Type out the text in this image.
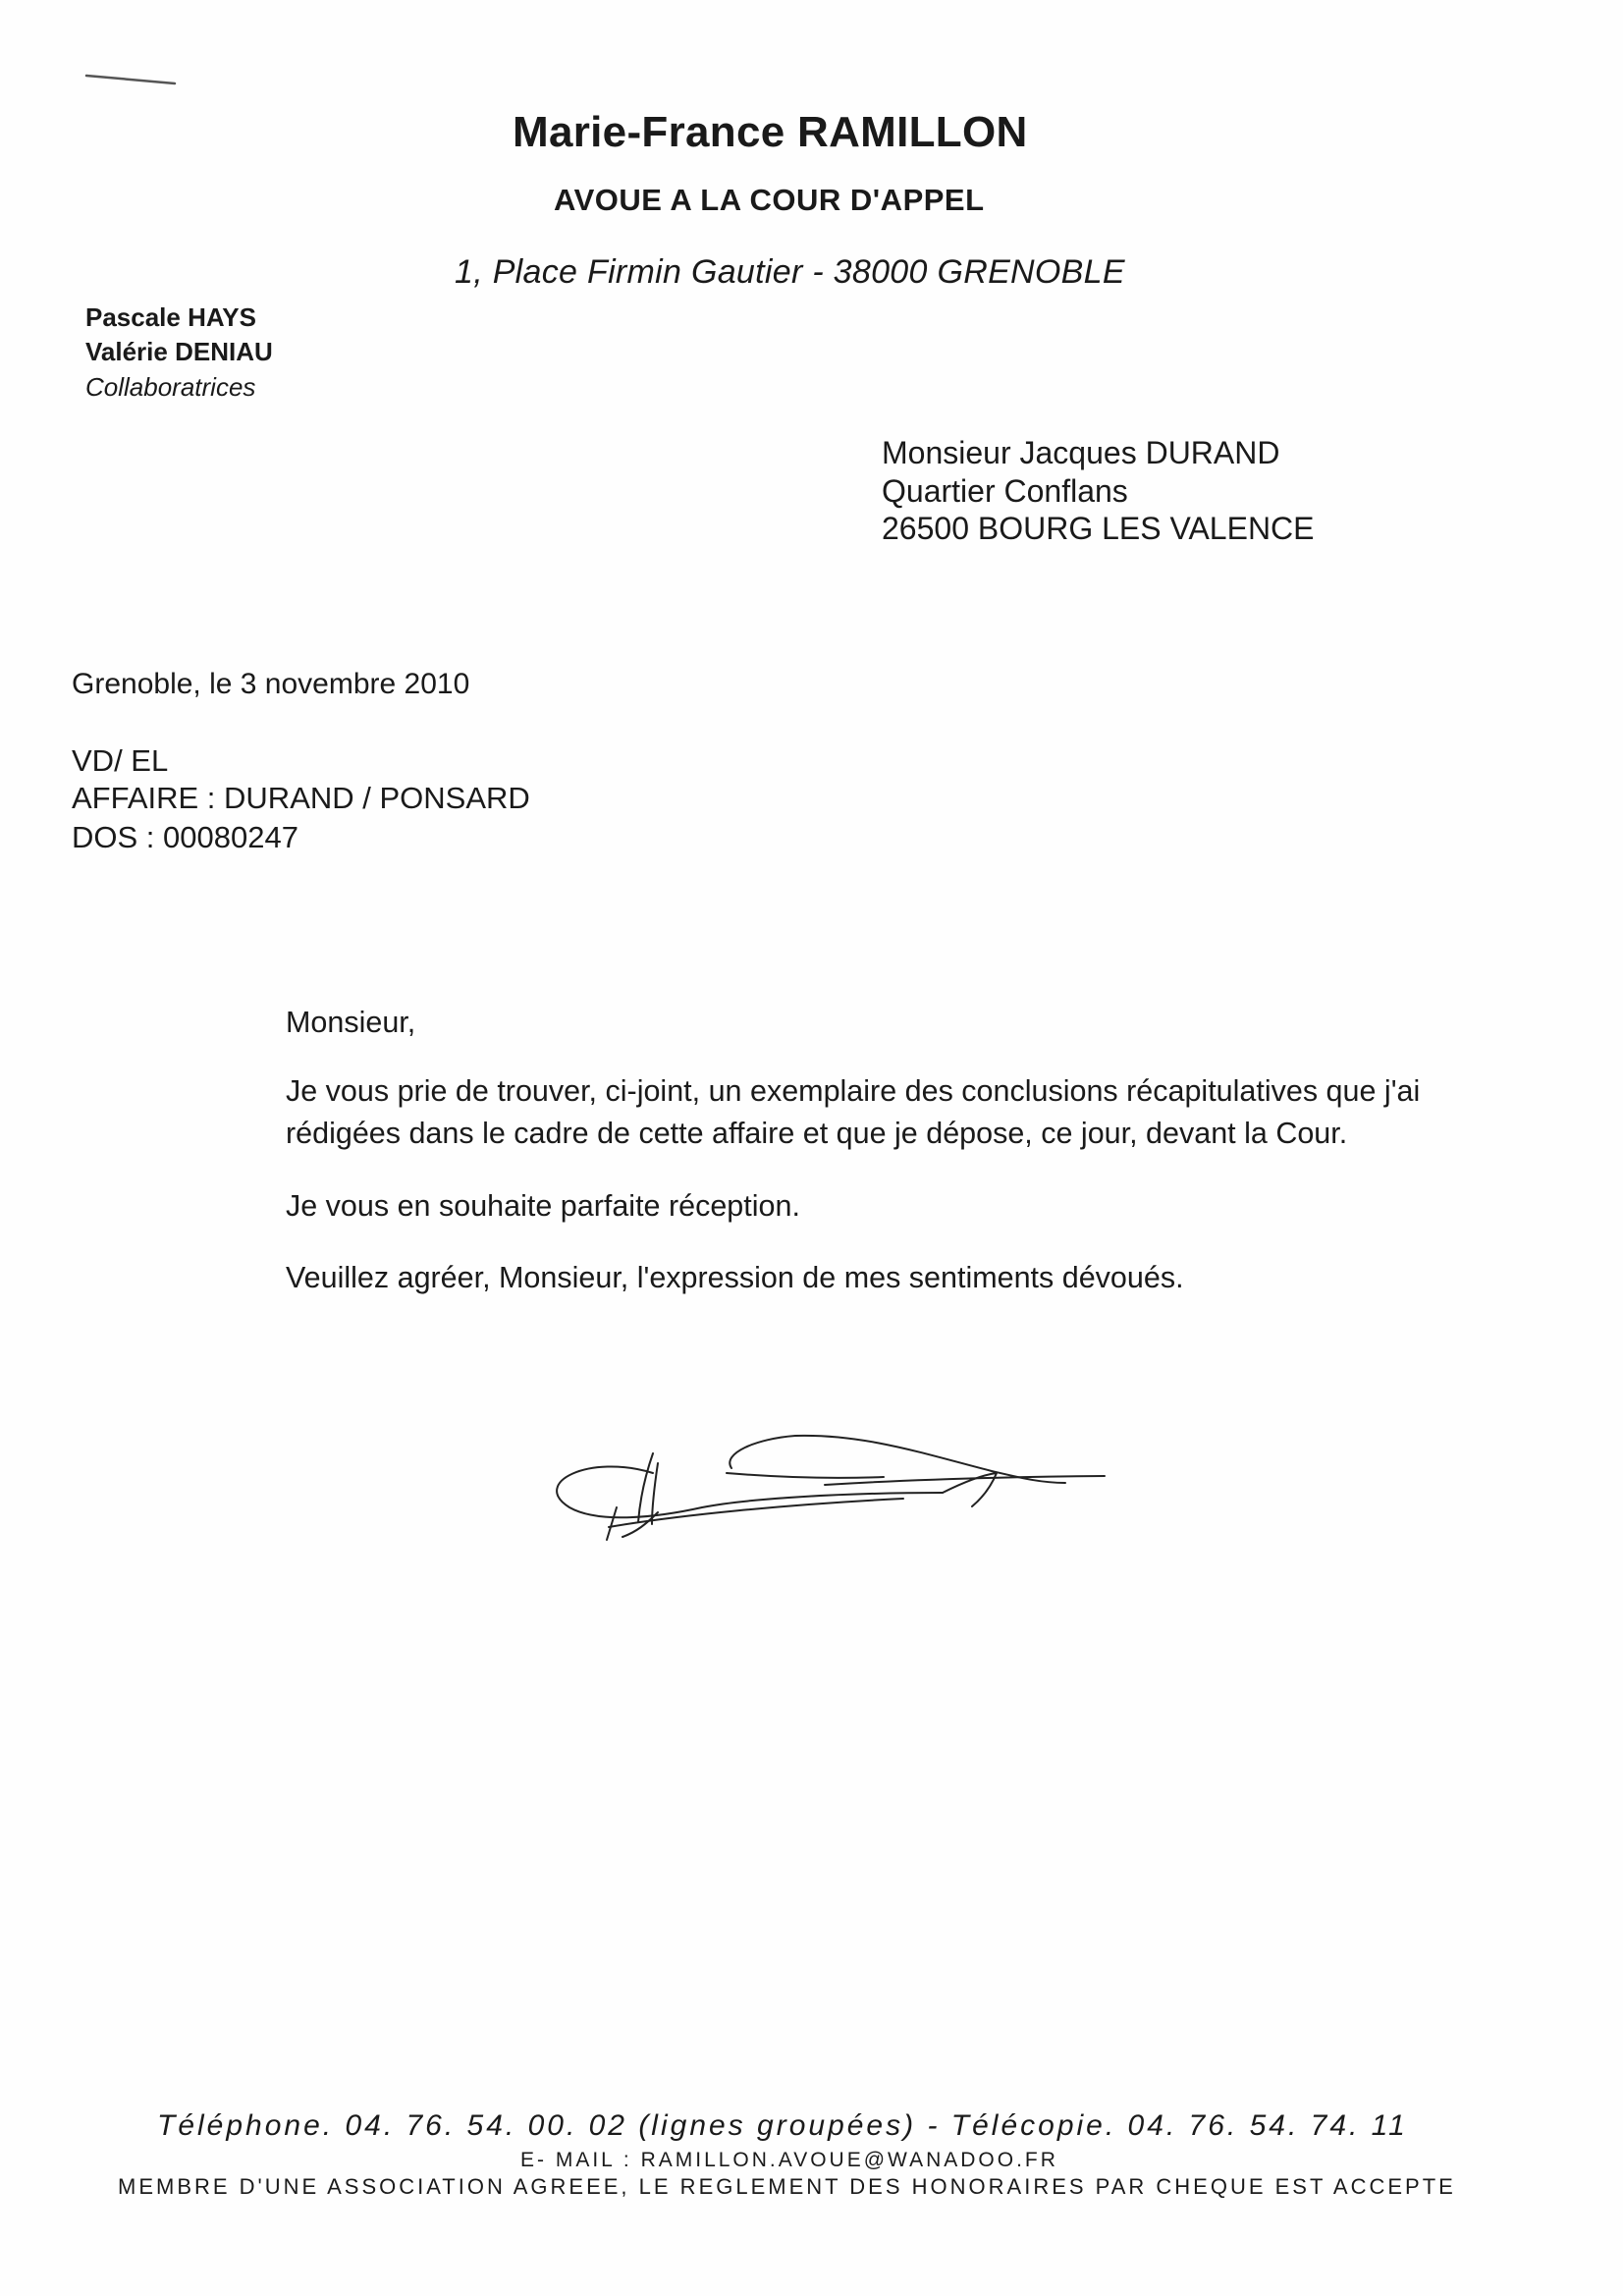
Marie-France RAMILLON
AVOUE A LA COUR D'APPEL
1, Place Firmin Gautier - 38000 GRENOBLE
Pascale HAYS
Valérie DENIAU
Collaboratrices
Monsieur Jacques DURAND
Quartier Conflans
26500 BOURG LES VALENCE
Grenoble, le 3 novembre 2010
VD/ EL
AFFAIRE : DURAND / PONSARD
DOS : 00080247
Monsieur,
Je vous prie de trouver, ci-joint, un exemplaire des conclusions récapitulatives que j'ai
rédigées dans le cadre de cette affaire et que je dépose, ce jour, devant la Cour.
Je vous en souhaite parfaite réception.
Veuillez agréer, Monsieur, l'expression de mes sentiments dévoués.
Téléphone. 04. 76. 54. 00. 02 (lignes groupées) - Télécopie. 04. 76. 54. 74. 11
E- MAIL : RAMILLON.AVOUE@WANADOO.FR
MEMBRE D'UNE ASSOCIATION AGREEE, LE REGLEMENT DES HONORAIRES PAR CHEQUE EST ACCEPTE
